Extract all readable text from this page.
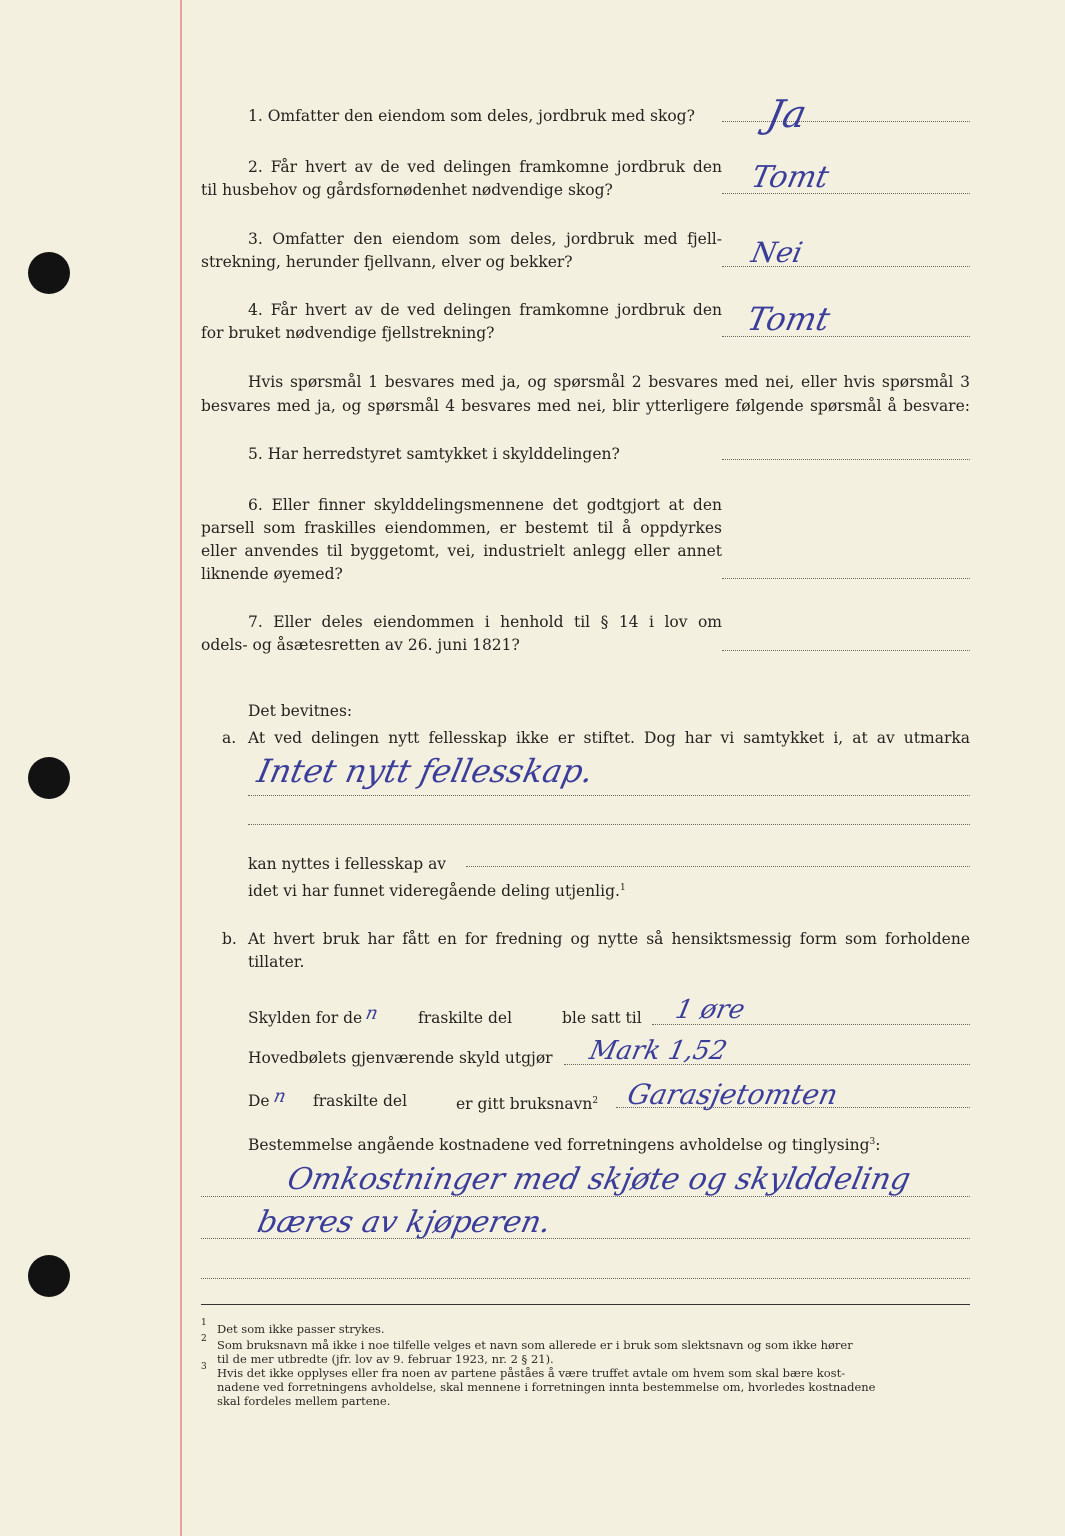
1. Omfatter den eiendom som deles, jordbruk med skog? Ja
2. Får hvert av de ved delingen framkomne jordbruk den
til husbehov og gårdsfornødenhet nødvendige skog?	Tomt
3. Omfatter den eiendom som deles, jordbruk med fjell-
strekning, herunder fjellvann, elver og bekker?	Nei
4. Får hvert av de ved delingen framkomne jordbruk den
for bruket nødvendige fjellstrekning?	Tomt
Hvis spørsmål 1 besvares med ja, og spørsmål 2 besvares med nei, eller hvis spørsmål 3
besvares med ja, og spørsmål 4 besvares med nei, blir ytterligere følgende spørsmål å besvare:
5. Har herredstyret samtykket i skylddelingen?
6. Eller finner skylddelingsmennene det godtgjort at den
parsell som fraskilles eiendommen, er bestemt til å oppdyrkes
eller anvendes til byggetomt, vei, industrielt anlegg eller annet
liknende øyemed?
7. Eller deles eiendommen i henhold til § 14 i lov om
odels- og åsætesretten av 26. juni 1821?
Det bevitnes:
a. At ved delingen nytt fellesskap ikke er stiftet. Dog har vi samtykket i, at av utmarka
Intet nytt fellesskap.
kan nyttes i fellesskap av
idet vi har funnet videregående deling utjenlig.$^1$
b. At hvert bruk har fått en for fredning og nytte så hensiktsmessig form som forholdene
tillater.
Skylden for de n fraskilte del	ble satt til 1 øre
Hovedbølets gjenværende skyld utgjør Mark 1,52
De n fraskilte del	er gitt bruksnavn$^2$ Garasjetomten
Bestemmelse angående kostnadene ved forretningens avholdelse og tinglysing$^3$:
Omkostninger med skjøte og skylddeling
bæres av kjøperen.
1 Det som ikke passer strykes.
2 Som bruksnavn må ikke i noe tilfelle velges et navn som allerede er i bruk som slektsnavn og som ikke hører
til de mer utbredte (jfr. lov av 9. februar 1923, nr. 2 § 21).
3 Hvis det ikke opplyses eller fra noen av partene påståes å være truffet avtale om hvem som skal bære kost-
nadene ved forretningens avholdelse, skal mennene i forretningen innta bestemmelse om, hvorledes kostnadene
skal fordeles mellem partene.
